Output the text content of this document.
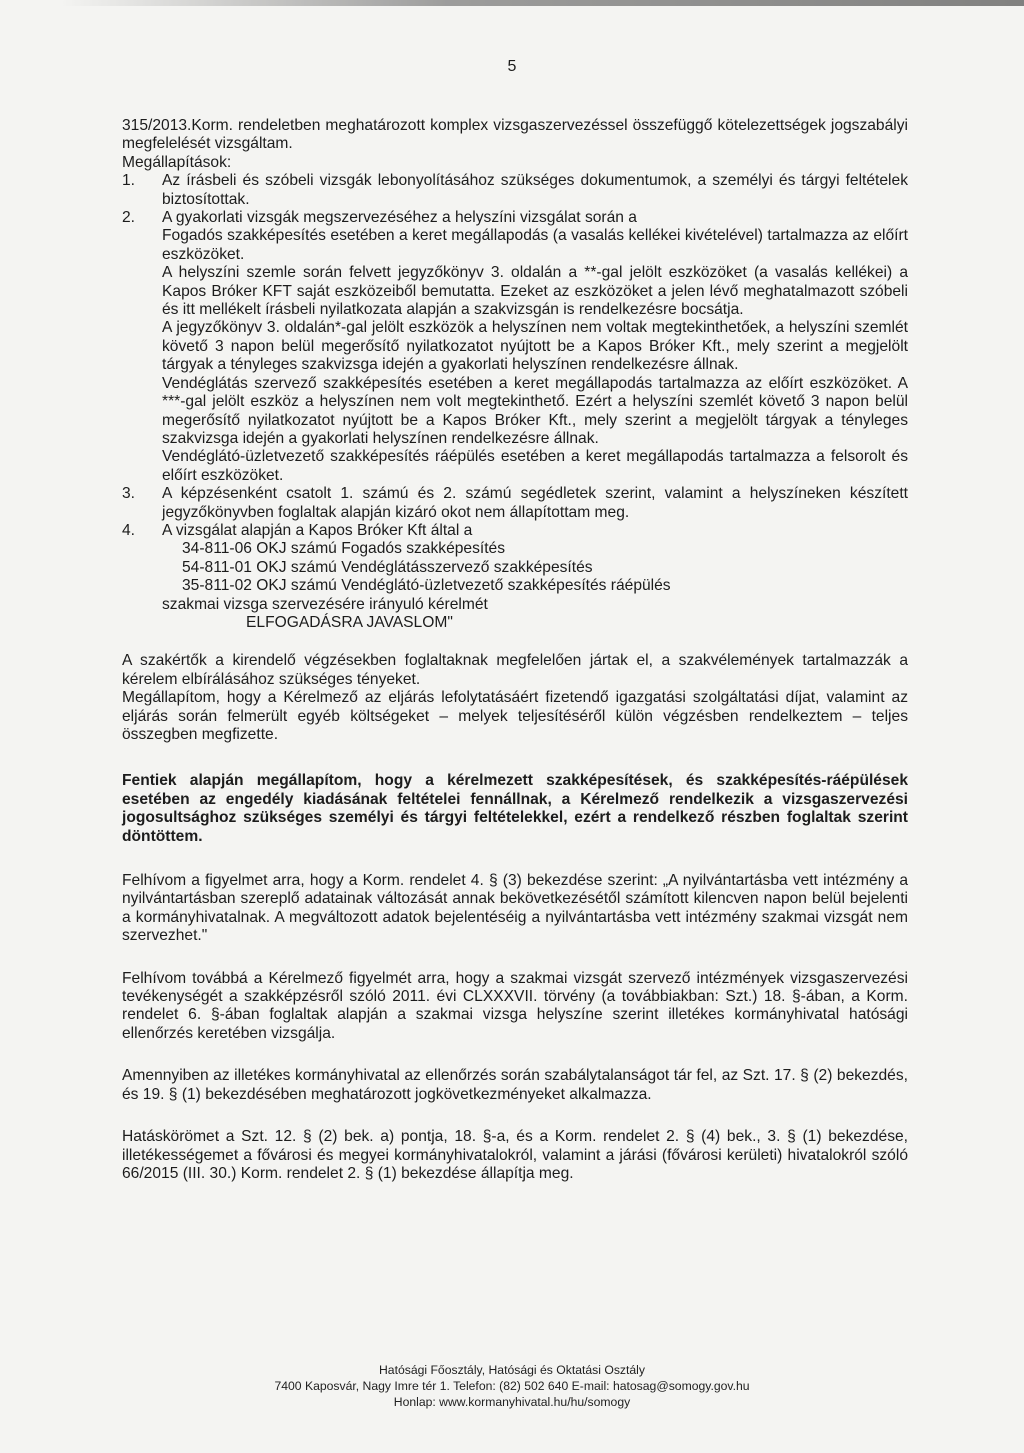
5

315/2013.Korm. rendeletben meghatározott komplex vizsgaszervezéssel összefüggő kötelezettségek jogszabályi megfelelését vizsgáltam.

Megállapítások:

1.	Az írásbeli és szóbeli vizsgák lebonyolításához szükséges dokumentumok, a személyi és tárgyi feltételek biztosítottak.
2.	A gyakorlati vizsgák megszervezéséhez a helyszíni vizsgálat során a

Fogadós szakképesítés esetében a keret megállapodás (a vasalás kellékei kivételével) tartalmazza az előírt eszközöket.

A helyszíni szemle során felvett jegyzőkönyv 3. oldalán a **-gal jelölt eszközöket (a vasalás kellékei) a Kapos Bróker KFT saját eszközeiből bemutatta. Ezeket az eszközöket a jelen lévő meghatalmazott szóbeli és itt mellékelt írásbeli nyilatkozata alapján a szakvizsgán is rendelkezésre bocsátja.

A jegyzőkönyv 3. oldalán*-gal jelölt eszközök a helyszínen nem voltak megtekinthetőek, a helyszíni szemlét követő 3 napon belül megerősítő nyilatkozatot nyújtott be a Kapos Bróker Kft., mely szerint a megjelölt tárgyak a tényleges szakvizsga idején a gyakorlati helyszínen rendelkezésre állnak.

Vendéglátás szervező szakképesítés esetében a keret megállapodás tartalmazza az előírt eszközöket. A ***-gal jelölt eszköz a helyszínen nem volt megtekinthető. Ezért a helyszíni szemlét követő 3 napon belül megerősítő nyilatkozatot nyújtott be a Kapos Bróker Kft., mely szerint a megjelölt tárgyak a tényleges szakvizsga idején a gyakorlati helyszínen rendelkezésre állnak.

Vendéglátó-üzletvezető szakképesítés ráépülés esetében a keret megállapodás tartalmazza a felsorolt és előírt eszközöket.

3.	A képzésenként csatolt 1. számú és 2. számú segédletek szerint, valamint a helyszíneken készített jegyzőkönyvben foglaltak alapján kizáró okot nem állapítottam meg.
4.	A vizsgálat alapján a Kapos Bróker Kft által a

34-811-06 OKJ számú Fogadós szakképesítés

54-811-01 OKJ számú Vendéglátásszervező szakképesítés

35-811-02 OKJ számú Vendéglátó-üzletvezető szakképesítés ráépülés

szakmai vizsga szervezésére irányuló kérelmét

ELFOGADÁSRA JAVASLOM"

A szakértők a kirendelő végzésekben foglaltaknak megfelelően jártak el, a szakvélemények tartalmazzák a kérelem elbírálásához szükséges tényeket.

Megállapítom, hogy a Kérelmező az eljárás lefolytatásáért fizetendő igazgatási szolgáltatási díjat, valamint az eljárás során felmerült egyéb költségeket – melyek teljesítéséről külön végzésben rendelkeztem – teljes összegben megfizette.

Fentiek alapján megállapítom, hogy a kérelmezett szakképesítések, és szakképesítés-ráépülések esetében az engedély kiadásának feltételei fennállnak, a Kérelmező rendelkezik a vizsgaszervezési jogosultsághoz szükséges személyi és tárgyi feltételekkel, ezért a rendelkező részben foglaltak szerint döntöttem.

Felhívom a figyelmet arra, hogy a Korm. rendelet 4. § (3) bekezdése szerint: „A nyilvántartásba vett intézmény a nyilvántartásban szereplő adatainak változását annak bekövetkezésétől számított kilencven napon belül bejelenti a kormányhivatalnak. A megváltozott adatok bejelentéséig a nyilvántartásba vett intézmény szakmai vizsgát nem szervezhet."

Felhívom továbbá a Kérelmező figyelmét arra, hogy a szakmai vizsgát szervező intézmények vizsgaszervezési tevékenységét a szakképzésről szóló 2011. évi CLXXXVII. törvény (a továbbiakban: Szt.) 18. §-ában, a Korm. rendelet 6. §-ában foglaltak alapján a szakmai vizsga helyszíne szerint illetékes kormányhivatal hatósági ellenőrzés keretében vizsgálja.

Amennyiben az illetékes kormányhivatal az ellenőrzés során szabálytalanságot tár fel, az Szt. 17. § (2) bekezdés, és 19. § (1) bekezdésében meghatározott jogkövetkezményeket alkalmazza.

Hatáskörömet a Szt. 12. § (2) bek. a) pontja, 18. §-a, és a Korm. rendelet 2. § (4) bek., 3. § (1) bekezdése, illetékességemet a fővárosi és megyei kormányhivatalokról, valamint a járási (fővárosi kerületi) hivatalokról szóló 66/2015 (III. 30.) Korm. rendelet 2. § (1) bekezdése állapítja meg.

Hatósági Főosztály, Hatósági és Oktatási Osztály
7400 Kaposvár, Nagy Imre tér 1. Telefon: (82) 502 640 E-mail: hatosag@somogy.gov.hu
Honlap: www.kormanyhivatal.hu/hu/somogy
